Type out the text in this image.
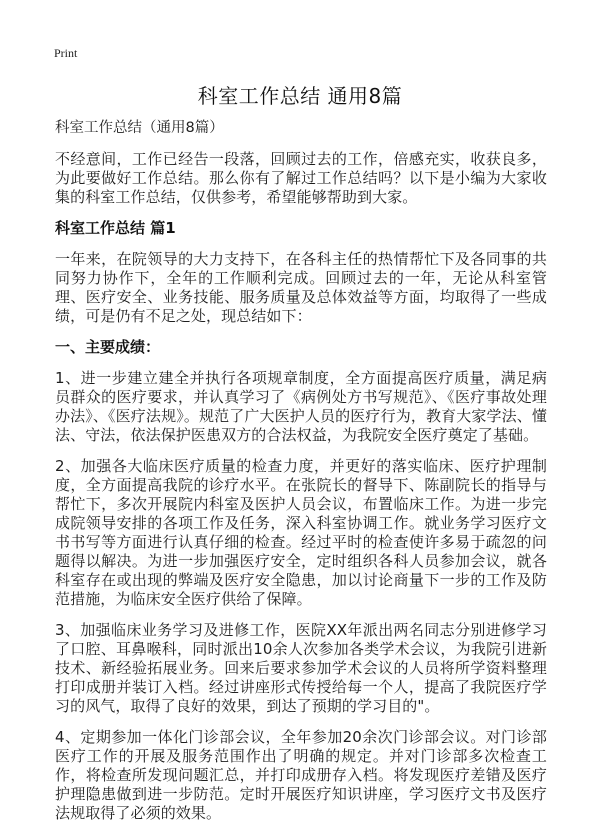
Print
科室工作总结 通用8篇
科室工作总结（通用8篇）

不经意间，工作已经告一段落，回顾过去的工作，倍感充实，收获良多，为此要做好工作总结。那么你有了解过工作总结吗？以下是小编为大家收集的科室工作总结，仅供参考，希望能够帮助到大家。

科室工作总结 篇1

一年来，在院领导的大力支持下，在各科主任的热情帮忙下及各同事的共同努力协作下，全年的工作顺利完成。回顾过去的一年，无论从科室管理、医疗安全、业务技能、服务质量及总体效益等方面，均取得了一些成绩，可是仍有不足之处，现总结如下：

一、主要成绩：

1、进一步建立建全并执行各项规章制度，全方面提高医疗质量，满足病员群众的医疗要求，并认真学习了《病例处方书写规范》、《医疗事故处理办法》、《医疗法规》。规范了广大医护人员的医疗行为，教育大家学法、懂法、守法，依法保护医患双方的合法权益，为我院安全医疗奠定了基础。

2、加强各大临床医疗质量的检查力度，并更好的落实临床、医疗护理制度，全方面提高我院的诊疗水平。在张院长的督导下、陈副院长的指导与帮忙下，多次开展院内科室及医护人员会议，布置临床工作。为进一步完成院领导安排的各项工作及任务，深入科室协调工作。就业务学习医疗文书书写等方面进行认真仔细的检查。经过平时的检查使许多易于疏忽的问题得以解决。为进一步加强医疗安全，定时组织各科人员参加会议，就各科室存在或出现的弊端及医疗安全隐患，加以讨论商量下一步的工作及防范措施，为临床安全医疗供给了保障。

3、加强临床业务学习及进修工作，医院XX年派出两名同志分别进修学习了口腔、耳鼻喉科，同时派出10余人次参加各类学术会议，为我院引进新技术、新经验拓展业务。回来后要求参加学术会议的人员将所学资料整理打印成册并装订入档。经过讲座形式传授给每一个人，提高了我院医疗学习的风气，取得了良好的效果，到达了预期的学习目的"。

4、定期参加一体化门诊部会议，全年参加20余次门诊部会议。对门诊部医疗工作的开展及服务范围作出了明确的规定。并对门诊部多次检查工作，将检查所发现问题汇总，并打印成册存入档。将发现医疗差错及医疗护理隐患做到进一步防范。定时开展医疗知识讲座，学习医疗文书及医疗法规取得了必须的效果。
